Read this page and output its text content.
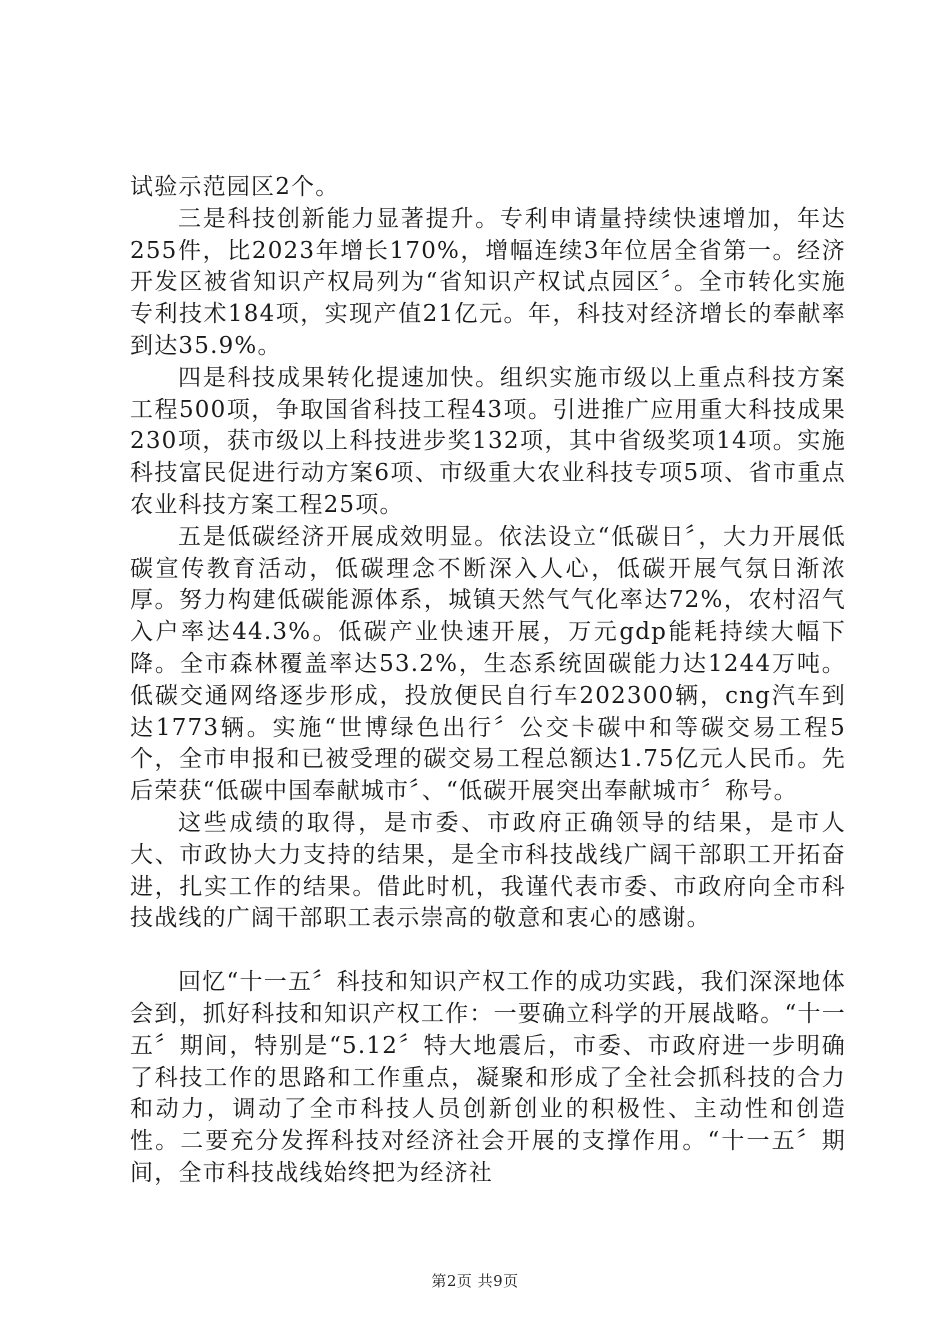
试验示范园区2个。

三是科技创新能力显著提升。专利申请量持续快速增加，年达255件，比2023年增长170%，增幅连续3年位居全省第一。经济开发区被省知识产权局列为“省知识产权试点园区〞。全市转化实施专利技术184项，实现产值21亿元。年，科技对经济增长的奉献率到达35.9%。

四是科技成果转化提速加快。组织实施市级以上重点科技方案工程500项，争取国省科技工程43项。引进推广应用重大科技成果230项，获市级以上科技进步奖132项，其中省级奖项14项。实施科技富民促进行动方案6项、市级重大农业科技专项5项、省市重点农业科技方案工程25项。

五是低碳经济开展成效明显。依法设立“低碳日〞，大力开展低碳宣传教育活动，低碳理念不断深入人心，低碳开展气氛日渐浓厚。努力构建低碳能源体系，城镇天然气气化率达72%，农村沼气入户率达44.3%。低碳产业快速开展，万元gdp能耗持续大幅下降。全市森林覆盖率达53.2%，生态系统固碳能力达1244万吨。低碳交通网络逐步形成，投放便民自行车202300辆，cng汽车到达1773辆。实施“世博绿色出行〞公交卡碳中和等碳交易工程5个，全市申报和已被受理的碳交易工程总额达1.75亿元人民币。先后荣获“低碳中国奉献城市〞、“低碳开展突出奉献城市〞称号。

这些成绩的取得，是市委、市政府正确领导的结果，是市人大、市政协大力支持的结果，是全市科技战线广阔干部职工开拓奋进，扎实工作的结果。借此时机，我谨代表市委、市政府向全市科技战线的广阔干部职工表示崇高的敬意和衷心的感谢。

回忆“十一五〞科技和知识产权工作的成功实践，我们深深地体会到，抓好科技和知识产权工作：一要确立科学的开展战略。“十一五〞期间，特别是“5.12〞特大地震后，市委、市政府进一步明确了科技工作的思路和工作重点，凝聚和形成了全社会抓科技的合力和动力，调动了全市科技人员创新创业的积极性、主动性和创造性。二要充分发挥科技对经济社会开展的支撑作用。“十一五〞期间，全市科技战线始终把为经济社

第2页 共9页
